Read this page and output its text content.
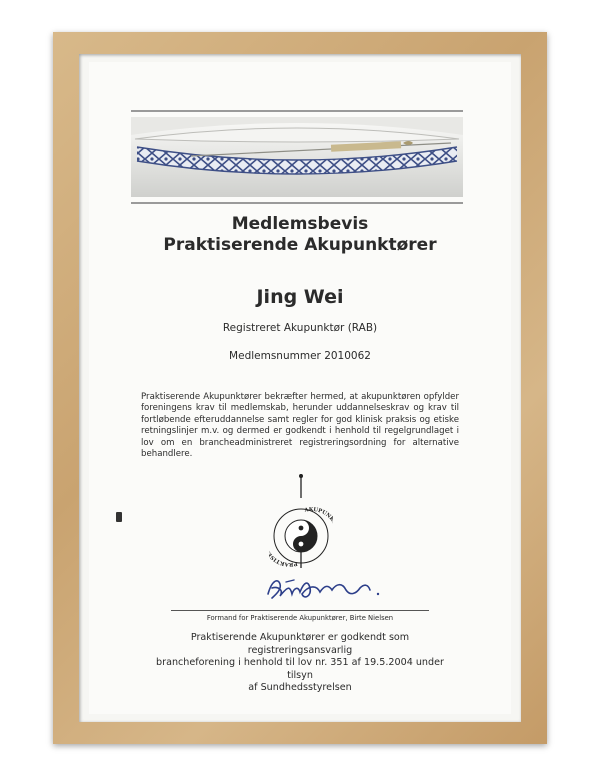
Medlemsbevis
Praktiserende Akupunktører
Jing Wei
Registreret Akupunktør (RAB)
Medlemsnummer 2010062
Praktiserende Akupunktører bekræfter hermed, at akupunktøren opfylder foreningens krav til medlemskab, herunder uddannelseskrav og krav til fortløbende efteruddannelse samt regler for god klinisk praksis og etiske retningslinjer m.v. og dermed er godkendt i henhold til regelgrundlaget i lov om en brancheadministreret registreringsordning for alternative behandlere.
PRAKTIS
AKUPUN
Formand for Praktiserende Akupunktører, Birte Nielsen
Praktiserende Akupunktører er godkendt som registreringsansvarlig
brancheforening i henhold til lov nr. 351 af 19.5.2004 under tilsyn
af Sundhedsstyrelsen
